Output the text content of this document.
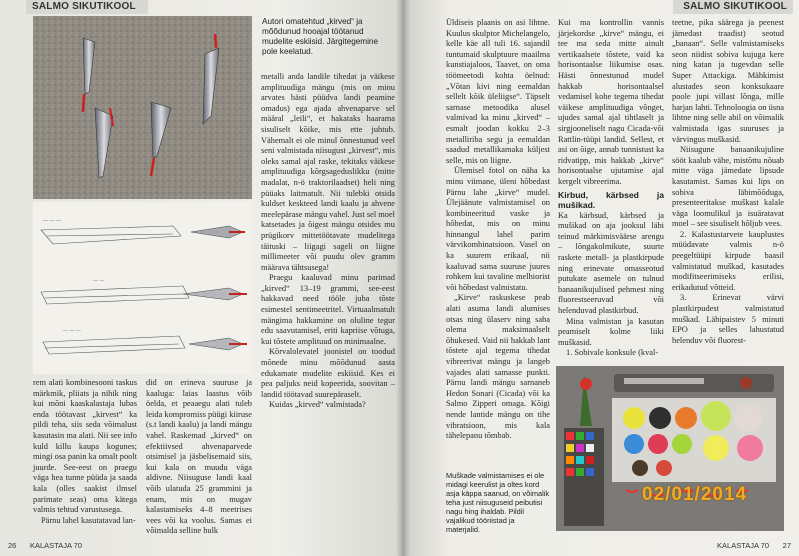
SALMO SIKUTIKOOL
Autori omatehtud „kirved“ ja mõõdunud hooajal töötanud mudelite eskiisid. Järgitegemine pole keelatud.
— — —
— —
— — —

metalli anda landile tihedat ja väikese amplituudiga mängu (mis on minu arvates hästi püüdva landi peamine omadus) ega ajada ahvenaparve sel määral „leili“, et hakataks haarama sisuliselt kõike, mis ette juhtub. Vähemalt ei ole minul õnnestunud veel seni valmistada niisugust „kirvest“, mis oleks samal ajal raske, tekitaks väikese amplituudiga kõrgsageduslikku (mitte madalat, n-ö traktorilaadset) heli ning püüaks laitmatult. Nii tulebki otsida kuldset keskteed landi kaalu ja ahvene meelepärase mängu vahel. Just sel moel katsetades ja õigest mängu otsides mu prügikorv mittetöötavate mudelitega täituski – liigagi sageli on liigne millimeeter või puudu olev gramm määrava tähtsusega!

Praegu kaaluvad minu parimad „kirved“ 13–19 grammi, see-eest hakkavad need tööle juba tõste esimestel sentimeetritel. Virtuaalmatult mängima hakkamine on oluline tegur edu saavutamisel, eriti kapriise võtuga, kui tõstete amplituud on minimaalne.

Kõrvalolevatel joonistel on toodud mõnede minu mõõdunud aasta edukamate mudelite eskiisid. Kes ei pea paljuks neid kopeerida, soovitan – landid töötavad suurepäraselt.

Kuidas „kirved“ valmistada?

rem alati kombinesooni taskus märkmik, pliiats ja nihik ning kui mõni kaaskalastaja lubas enda töötavast „kirvest“ ka pildi teha, siis seda võimalust kasutasin ma alati. Nii see info kuld killu kaupa kogunes; mingi osa panin ka omalt poolt juurde. See-eest on praegu väga hea tunne püüda ja saada kala (olles saakist ilmsel parimate seas) oma kätega valmis tehtud varustusega.

Pärnu lahel kasutatavad lan-

did on erineva suuruse ja kaaluga: laias laastus võib öelda, et peaaegu alati tuleb leida kompromiss püügi kiiruse (s.t landi kaalu) ja landi mängu vahel. Raskemad „kirved“ on efektiivsed ahvenaparvede otsimisel ja jäsbelisemaid siis, kui kala on muudu väga aldivne. Niisuguse landi kaal võib ulatuda 25 grammini ja enam, mis on mugav kalastamiseks 4–8 meetrises vees või ka voolus. Samas ei võimalda selline hulk

26 KALASTAJA 70
SALMO SIKUTIKOOL

Üldiseis plaanis on asi lihtne. Kuulus skulptor Michelangelo, kelle käe all tuli 16. sajandil tuntumaid skulptuure maailma kunstiajaloos, Taavet, on oma töömeetodi kohta öelnud: „Võtan kivi ning eemaldan sellelt kõik üleliigse“. Täpselt sarnase metoodika alusel valmivad ka minu „kirved“ – esmalt joodan kokku 2–3 metalliriba segu ja eemaldan saadud metallikamaka küljest selle, mis on liigne.

Ülemisel fotol on näha ka minu viimane, üleni hõbedast Pärnu lahe „kirve“ mudel. Ülejäänute valmistamisel on kombineeritud vaske ja hõbedat, mis on minu hinnangul lahel parim värvikombinatsioon. Vasel on ka suurem erikaal, nii kaaluvad sama suuruse juures rohkem kui tavaline melhiorist või hõbedast valmistatu.

„Kirve“ raskuskese peab alati asuma landi alumises otsas ning ülaserv ning saba olema maksimaalselt õhukesed. Vaid nii hakkab lant tõstete ajal tegema tihedat vibreerivat mängu ja langeb vajades alati samasse punkti. Pärnu landi mängu sarnaneb Hedon Sonari (Cicada) või ka Salmo Zipperi omaga. Kõigi nende lantide mängu on tihe vibratsioon, mis kala tähelepanu tõmbab.

Kui ma kontrollin vannis järjekordse „kirve“ mängu, ei tee ma seda mitte ainult vertikaalsete tõstete, vaid ka horisontaalse liikumise osas. Hästi õnnestunud mudel hakkab horisontaalsel vedamisel kohe tegema tihedat väikese amplituudiga võnget, ujudes samal ajal tihtlaselt ja sirgjooneliselt nagu Cicada-või Rattlin-tüüpi landid. Sellest, et asi on õige, annab tunnistust ka ridvatipp, mis hakkab „kirve“ horisontaalse ujutamise ajal kergelt vibreerima.

Kirbud, kärbsed ja mušikad.

Ka kärbsud, kärbsed ja mušikad on aja jooksul läbi teinud märkimisväärse arengu – lõngakolmikute, suurte raskete metall- ja plastkirpude ning erinevate omasseotud putukate asemele on tulnud banaanikujulised pehmest ning fluorestseeruvad või helenduvad plastkirbud.

Mina valmistan ja kasutan peamiselt kolme liiki muškasid.

1. Sobivale konksule (kval-

teetne, pika säärega ja peenest jämedast traadist) seotud „banaan“. Selle valmistamiseks seon niidist sobiva kujuga kere ning katan ja tugevdan selle Super Attackiga. Mähkimist alustades seon konksukaare poole jupi villast lõnga, mille harjan lahti. Tehnoloogia on üsna lihtne ning selle abil on võimalik valmistada igas suuruses ja värvingus muškasid.

Niisugune banaanikujuline sööt kaalub vähe, mistõttu nõuab mitte väga jämedate lipsude kasutamist. Samas kui lips on sobiva läbimõõduga, presenteeritakse muškast kalale väga loomulikul ja isuäratavat moel – see sisuliselt hõljub vees.

2. Kalastustarvete kauplustes müüdavate valmis n-ö peegeltüüpi kirpude baasil valmistatud muškad, kasutades modifitseerimiseks erilisi, erikadutud võtteid.

3. Erinevat värvi plastkirpudest valmistatud muškad. Läbipaistev 5 minuti EPO ja selles lahustatud helenduv või fluorest-

Muškade valmistamises ei ole midagi keerulist ja oltes kord asja käppa saanud, on võimalik teha just niisuguseid peibutisi nagu hing ihaldab. Pildil vajalikud tööriistad ja materjalid.
02/01/2014
KALASTAJA 70 27
